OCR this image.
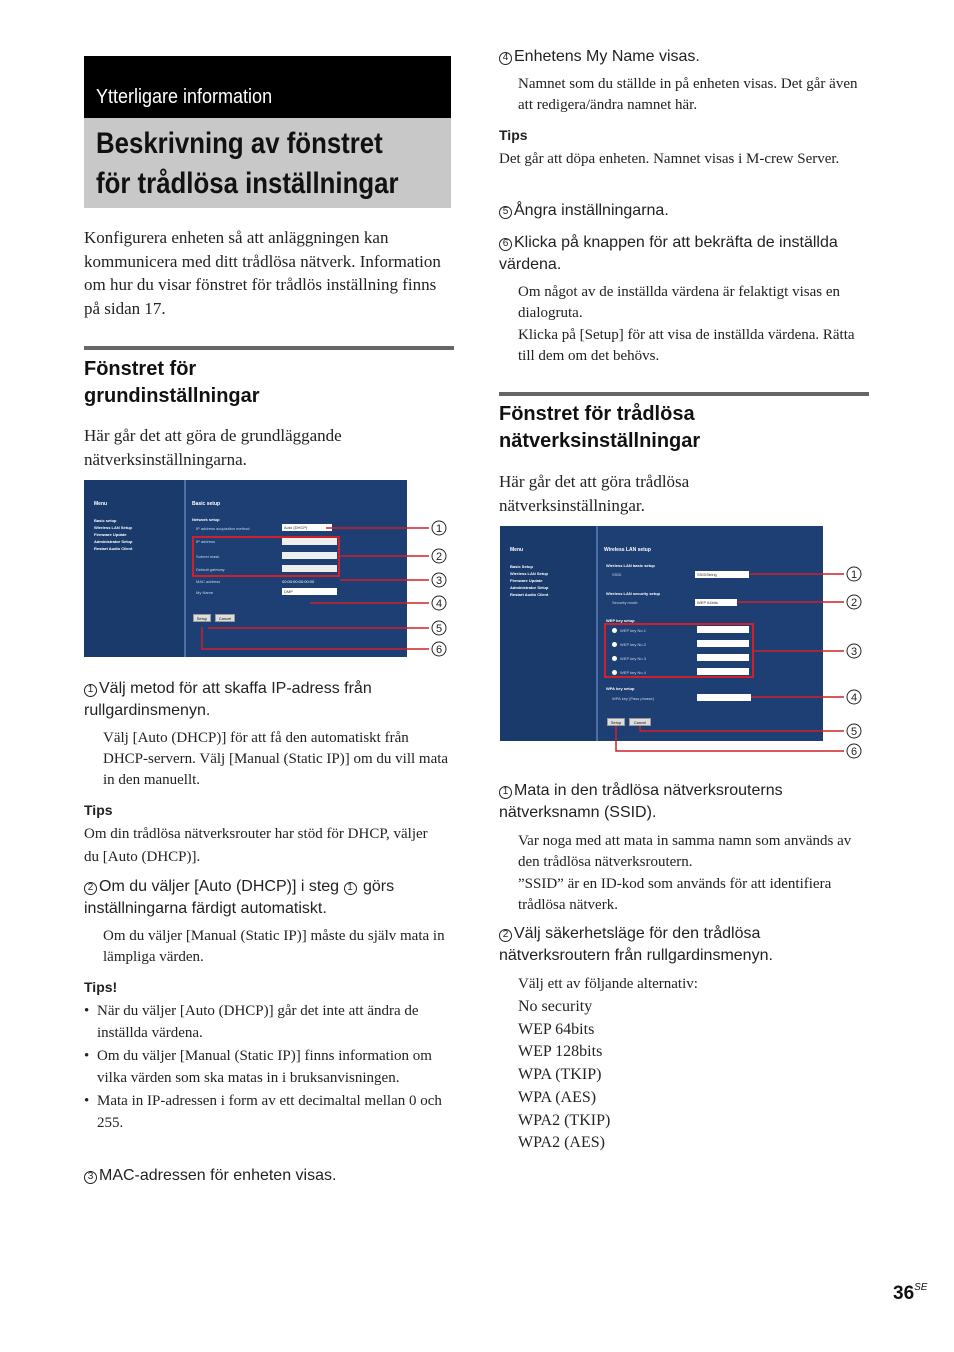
Ytterligare information
Beskrivning av fönstret
för trådlösa inställningar
Konfigurera enheten så att anläggningen kan kommunicera med ditt trådlösa nätverk. Information om hur du visar fönstret för trådlös inställning finns på sidan 17.
Fönstret för
grundinställningar
Här går det att göra de grundläggande nätverksinställningarna.
Menu
Basic setup
Wireless LAN Setup
Firmware Update
Administrator Setup
Restart Audio Client
Basic setup
Network setup
IP address acquisition method
IP address
Subnet mask
Default gateway
MAC address
My Name
Auto (DHCP)
00:00:00:00:00:00
DMP
Setup	Cancel
1
2
3
4
5
6
1 Välj metod för att skaffa IP-adress från rullgardinsmenyn.
Välj [Auto (DHCP)] för att få den automatiskt från DHCP-servern. Välj [Manual (Static IP)] om du vill mata in den manuellt.
Tips
Om din trådlösa nätverksrouter har stöd för DHCP, väljer du [Auto (DHCP)].
2 Om du väljer [Auto (DHCP)] i steg 1 görs inställningarna färdigt automatiskt.
Om du väljer [Manual (Static IP)] måste du själv mata in lämpliga värden.
Tips!
• När du väljer [Auto (DHCP)] går det inte att ändra de inställda värdena.
• Om du väljer [Manual (Static IP)] finns information om vilka värden som ska matas in i bruksanvisningen.
• Mata in IP-adressen i form av ett decimaltal mellan 0 och 255.
3 MAC-adressen för enheten visas.
4 Enhetens My Name visas.
Namnet som du ställde in på enheten visas. Det går även att redigera/ändra namnet här.
Tips
Det går att döpa enheten. Namnet visas i M-crew Server.
5 Ångra inställningarna.
6 Klicka på knappen för att bekräfta de inställda värdena.
Om något av de inställda värdena är felaktigt visas en dialogruta.
Klicka på [Setup] för att visa de inställda värdena. Rätta till dem om det behövs.
Fönstret för trådlösa
nätverksinställningar
Här går det att göra trådlösa nätverksinställningar.
Menu
Basic Setup
Wireless LAN Setup
Firmware Update
Administrator Setup
Restart Audio Client
Wireless LAN setup
Wireless LAN basic setup
SSID	SSIDString
Wireless LAN security setup
Security mode	WEP 64bits
WEP key setup
WEP key No.1
WEP key No.2
WEP key No.3
WEP key No.4
WPA key setup
WPA key (Pass phrase)
Setup	Cancel
1
2
3
4
5
6
1 Mata in den trådlösa nätverksrouterns nätverksnamn (SSID).
Var noga med att mata in samma namn som används av den trådlösa nätverksroutern.
”SSID” är en ID-kod som används för att identifiera trådlösa nätverk.
2 Välj säkerhetsläge för den trådlösa nätverksroutern från rullgardinsmenyn.
Välj ett av följande alternativ:
No security
WEP 64bits
WEP 128bits
WPA (TKIP)
WPA (AES)
WPA2 (TKIP)
WPA2 (AES)
$36^{SE}$
